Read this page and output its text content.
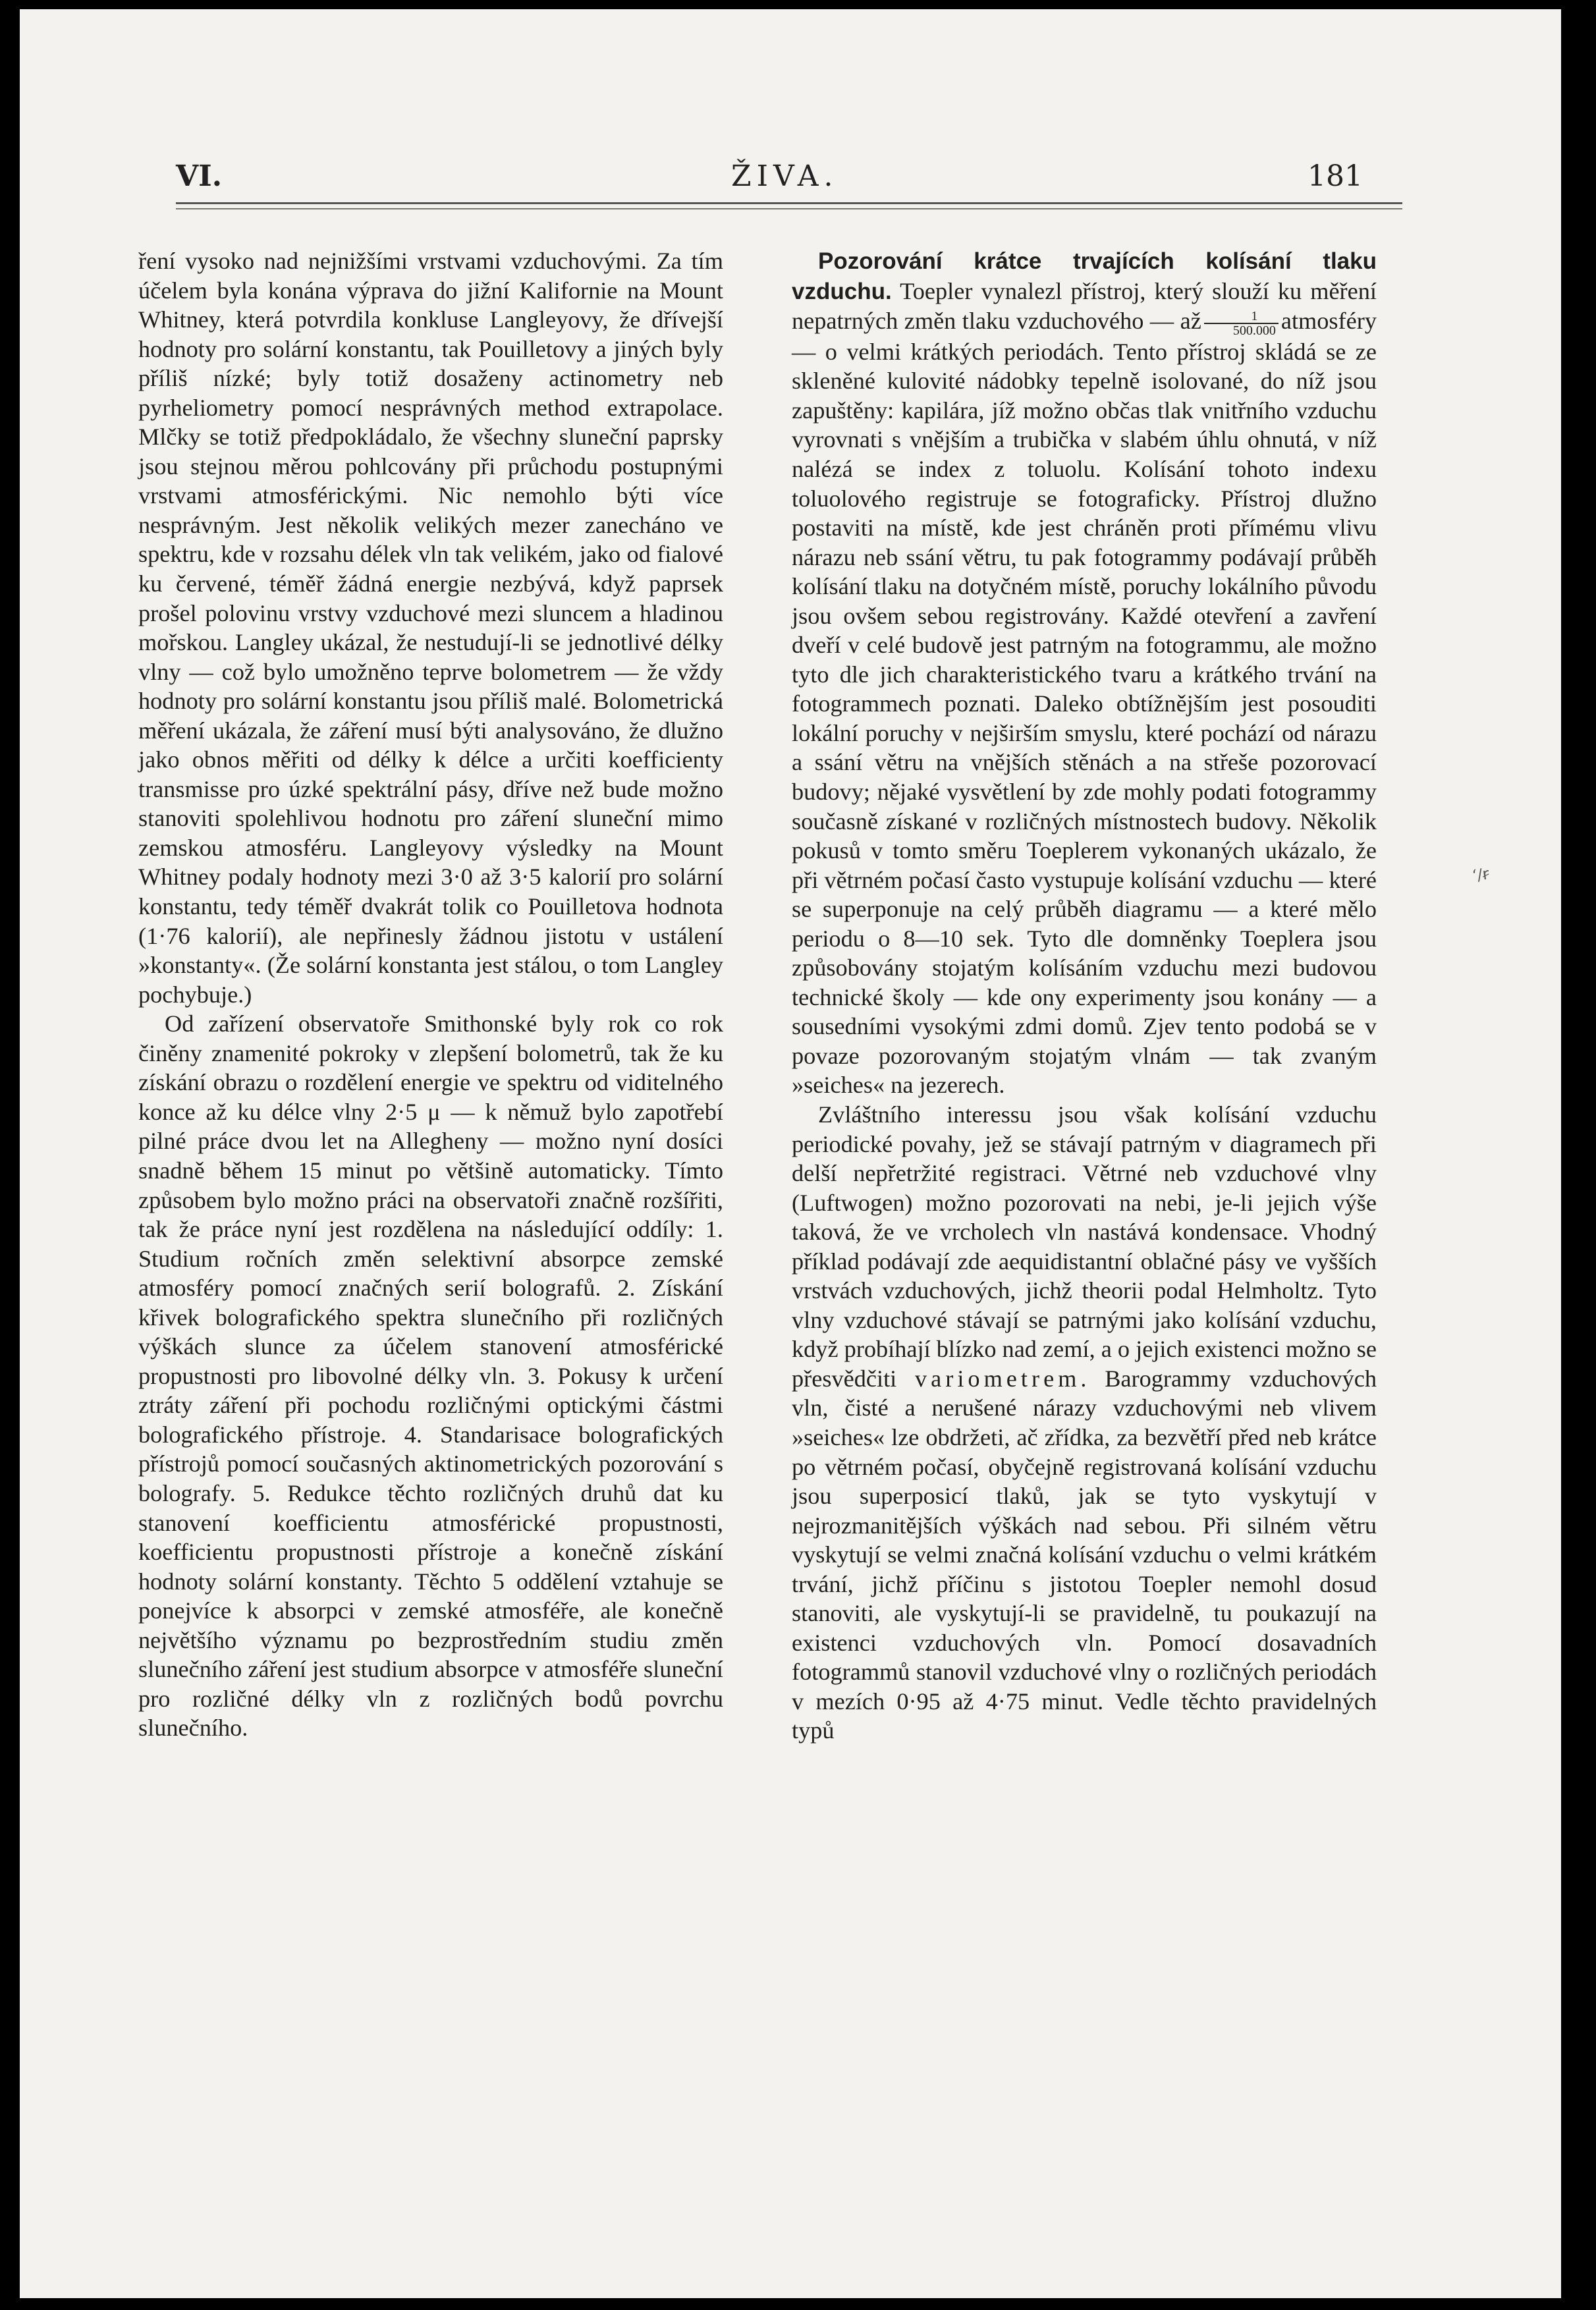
VI.	ŽIVA.	181

ření vysoko nad nejnižšími vrstvami vzduchovými. Za tím účelem byla konána výprava do jižní Kalifornie na Mount Whitney, která potvrdila konkluse Langleyovy, že dřívejší hodnoty pro solární konstantu, tak Pouilletovy a jiných byly příliš nízké; byly totiž dosaženy actinometry neb pyrheliometry pomocí nesprávných method extrapolace. Mlčky se totiž předpokládalo, že všechny sluneční paprsky jsou stejnou měrou pohlcovány při průchodu postupnými vrstvami atmosférickými. Nic nemohlo býti více nesprávným. Jest několik velikých mezer zanecháno ve spektru, kde v rozsahu délek vln tak velikém, jako od fialové ku červené, téměř žádná energie nezbývá, když paprsek prošel polovinu vrstvy vzduchové mezi sluncem a hladinou mořskou. Langley ukázal, že nestudují-li se jednotlivé délky vlny — což bylo umožněno teprve bolometrem — že vždy hodnoty pro solární konstantu jsou příliš malé. Bolometrická měření ukázala, že záření musí býti analysováno, že dlužno jako obnos měřiti od délky k délce a určiti koefficienty transmisse pro úzké spektrální pásy, dříve než bude možno stanoviti spolehlivou hodnotu pro záření sluneční mimo zemskou atmosféru. Langleyovy výsledky na Mount Whitney podaly hodnoty mezi 3·0 až 3·5 kalorií pro solární konstantu, tedy téměř dvakrát tolik co Pouilletova hodnota (1·76 kalorií), ale nepřinesly žádnou jistotu v ustálení »konstanty«. (Že solární konstanta jest stálou, o tom Langley pochybuje.)

Od zařízení observatoře Smithonské byly rok co rok činěny znamenité pokroky v zlepšení bolometrů, tak že ku získání obrazu o rozdělení energie ve spektru od viditelného konce až ku délce vlny 2·5 μ — k němuž bylo zapotřebí pilné práce dvou let na Allegheny — možno nyní dosíci snadně během 15 minut po většině automaticky. Tímto způsobem bylo možno práci na observatoři značně rozšířiti, tak že práce nyní jest rozdělena na následující oddíly: 1. Studium ročních změn selektivní absorpce zemské atmosféry pomocí značných serií bolografů. 2. Získání křivek bolografického spektra slunečního při rozličných výškách slunce za účelem stanovení atmosférické propustnosti pro libovolné délky vln. 3. Pokusy k určení ztráty záření při pochodu rozličnými optickými částmi bolografického přístroje. 4. Standarisace bolografických přístrojů pomocí současných aktinometrických pozorování s bolografy. 5. Redukce těchto rozličných druhů dat ku stanovení koefficientu atmosférické propustnosti, koefficientu propustnosti přístroje a konečně získání hodnoty solární konstanty. Těchto 5 oddělení vztahuje se ponejvíce k absorpci v zemské atmosféře, ale konečně největšího významu po bezprostředním studiu změn slunečního záření jest studium absorpce v atmosféře sluneční pro rozličné délky vln z rozličných bodů povrchu slunečního.

Pozorování krátce trvajících kolísání tlaku vzduchu. Toepler vynalezl přístroj, který slouží ku měření nepatrných změn tlaku vzduchového — až $\frac{1}{500.000}$ atmosféry — o velmi krátkých periodách. Tento přístroj skládá se ze skleněné kulovité nádobky tepelně isolované, do níž jsou zapuštěny: kapilára, jíž možno občas tlak vnitřního vzduchu vyrovnati s vnějším a trubička v slabém úhlu ohnutá, v níž nalézá se index z toluolu. Kolísání tohoto indexu toluolového registruje se fotograficky. Přístroj dlužno postaviti na místě, kde jest chráněn proti přímému vlivu nárazu neb ssání větru, tu pak fotogrammy podávají průběh kolísání tlaku na dotyčném místě, poruchy lokálního původu jsou ovšem sebou registrovány. Každé otevření a zavření dveří v celé budově jest patrným na fotogrammu, ale možno tyto dle jich charakteristického tvaru a krátkého trvání na fotogrammech poznati. Daleko obtížnějším jest posouditi lokální poruchy v nejširším smyslu, které pochází od nárazu a ssání větru na vnějších stěnách a na střeše pozorovací budovy; nějaké vysvětlení by zde mohly podati fotogrammy současně získané v rozličných místnostech budovy. Několik pokusů v tomto směru Toeplerem vykonaných ukázalo, že při větrném počasí často vystupuje kolísání vzduchu — které se superponuje na celý průběh diagramu — a které mělo periodu o 8—10 sek. Tyto dle domněnky Toeplera jsou způsobovány stojatým kolísáním vzduchu mezi budovou technické školy — kde ony experimenty jsou konány — a sousedními vysokými zdmi domů. Zjev tento podobá se v povaze pozorovaným stojatým vlnám — tak zvaným »seiches« na jezerech.

Zvláštního interessu jsou však kolísání vzduchu periodické povahy, jež se stávají patrným v diagramech při delší nepřetržité registraci. Větrné neb vzduchové vlny (Luftwogen) možno pozorovati na nebi, je-li jejich výše taková, že ve vrcholech vln nastává kondensace. Vhodný příklad podávají zde aequidistantní oblačné pásy ve vyšších vrstvách vzduchových, jichž theorii podal Helmholtz. Tyto vlny vzduchové stávají se patrnými jako kolísání vzduchu, když probíhají blízko nad zemí, a o jejich existenci možno se přesvědčiti variometrem. Barogrammy vzduchových vln, čisté a nerušené nárazy vzduchovými neb vlivem »seiches« lze obdržeti, ač zřídka, za bezvětří před neb krátce po větrném počasí, obyčejně registrovaná kolísání vzduchu jsou superposicí tlaků, jak se tyto vyskytují v nejrozmanitějších výškách nad sebou. Při silném větru vyskytují se velmi značná kolísání vzduchu o velmi krátkém trvání, jichž příčinu s jistotou Toepler nemohl dosud stanoviti, ale vyskytují-li se pravidelně, tu poukazují na existenci vzduchových vln. Pomocí dosavadních fotogrammů stanovil vzduchové vlny o rozličných periodách v mezích 0·95 až 4·75 minut. Vedle těchto pravidelných typů

ʻ/ꞧ
